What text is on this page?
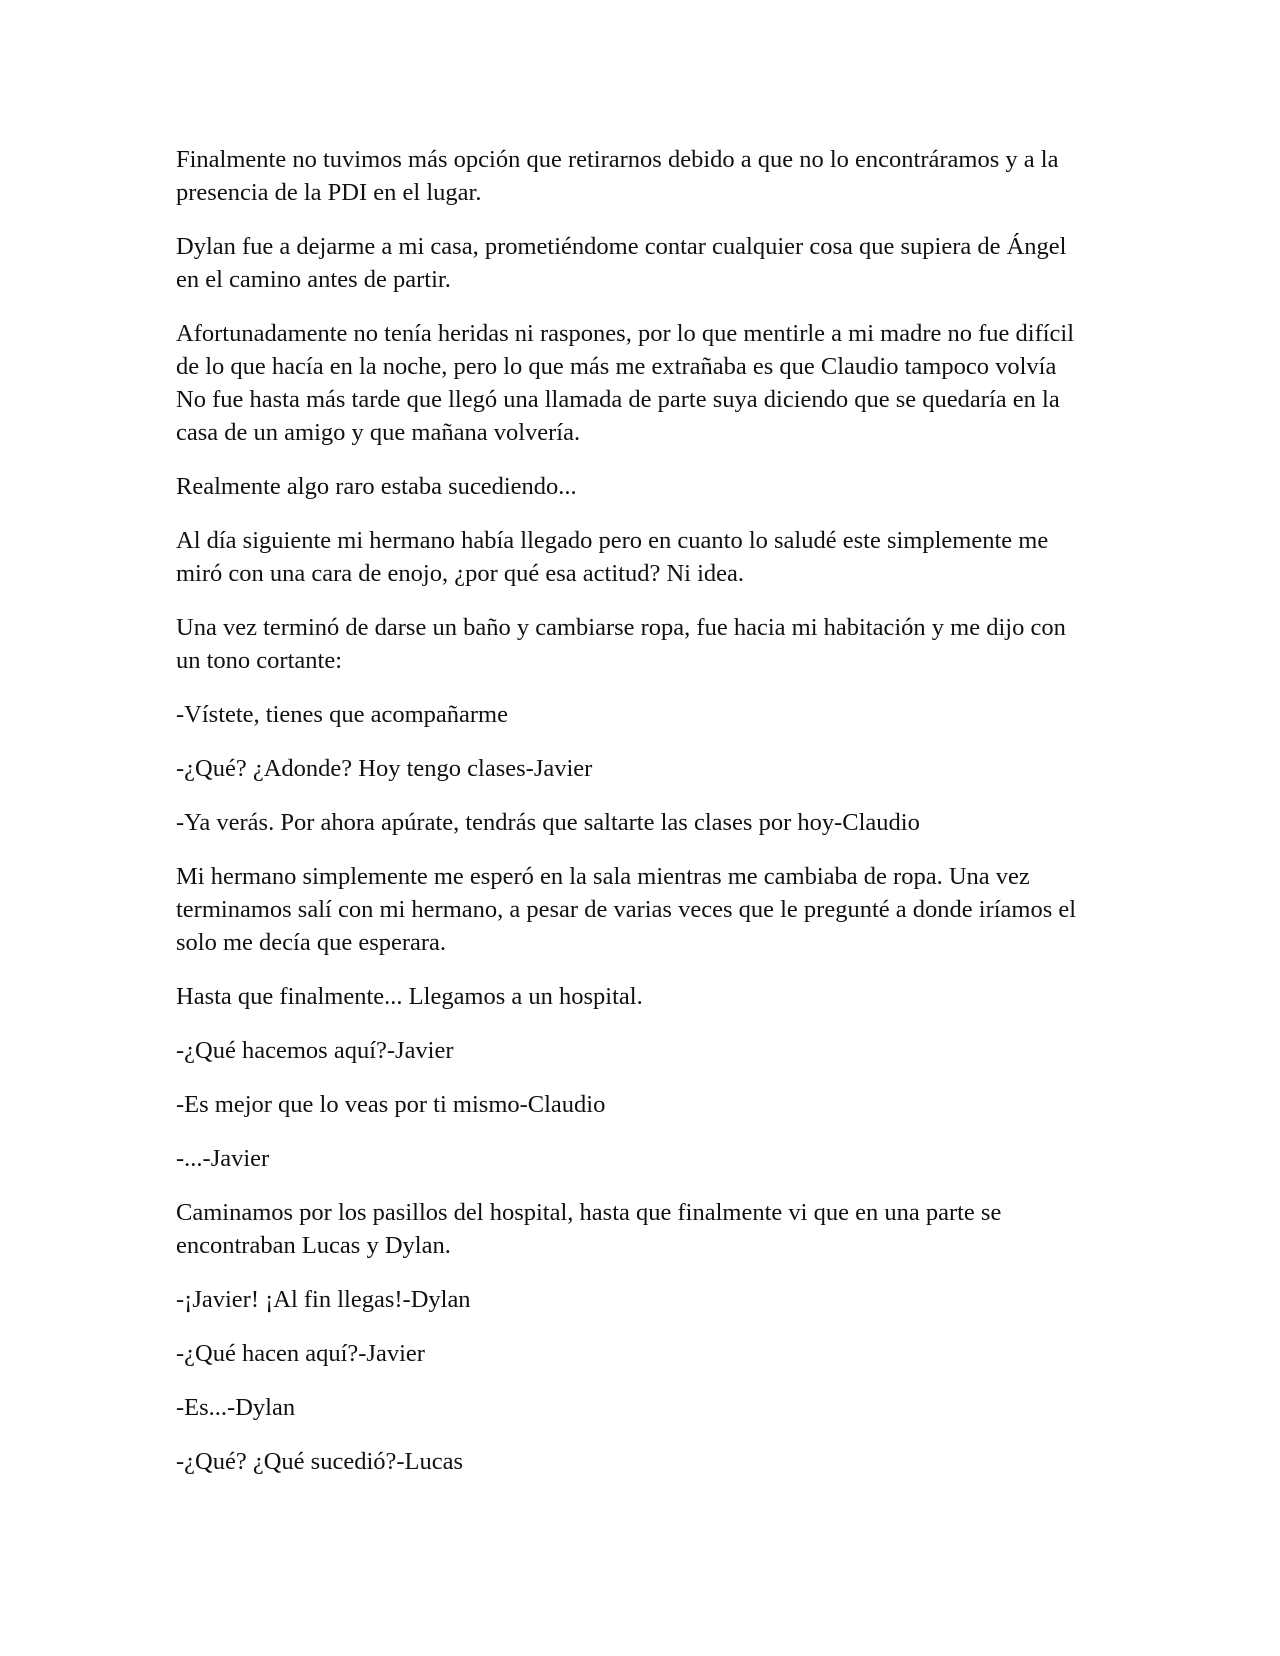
Finalmente no tuvimos más opción que retirarnos debido a que no lo encontráramos y a la
presencia de la PDI en el lugar.

Dylan fue a dejarme a mi casa, prometiéndome contar cualquier cosa que supiera de Ángel
en el camino antes de partir.

Afortunadamente no tenía heridas ni raspones, por lo que mentirle a mi madre no fue difícil
de lo que hacía en la noche, pero lo que más me extrañaba es que Claudio tampoco volvía
No fue hasta más tarde que llegó una llamada de parte suya diciendo que se quedaría en la
casa de un amigo y que mañana volvería.

Realmente algo raro estaba sucediendo...

Al día siguiente mi hermano había llegado pero en cuanto lo saludé este simplemente me
miró con una cara de enojo, ¿por qué esa actitud? Ni idea.

Una vez terminó de darse un baño y cambiarse ropa, fue hacia mi habitación y me dijo con
un tono cortante:

-Vístete, tienes que acompañarme

-¿Qué? ¿Adonde? Hoy tengo clases-Javier

-Ya verás. Por ahora apúrate, tendrás que saltarte las clases por hoy-Claudio

Mi hermano simplemente me esperó en la sala mientras me cambiaba de ropa. Una vez
terminamos salí con mi hermano, a pesar de varias veces que le pregunté a donde iríamos el
solo me decía que esperara.

Hasta que finalmente... Llegamos a un hospital.

-¿Qué hacemos aquí?-Javier

-Es mejor que lo veas por ti mismo-Claudio

-...-Javier

Caminamos por los pasillos del hospital, hasta que finalmente vi que en una parte se
encontraban Lucas y Dylan.

-¡Javier! ¡Al fin llegas!-Dylan

-¿Qué hacen aquí?-Javier

-Es...-Dylan

-¿Qué? ¿Qué sucedió?-Lucas
